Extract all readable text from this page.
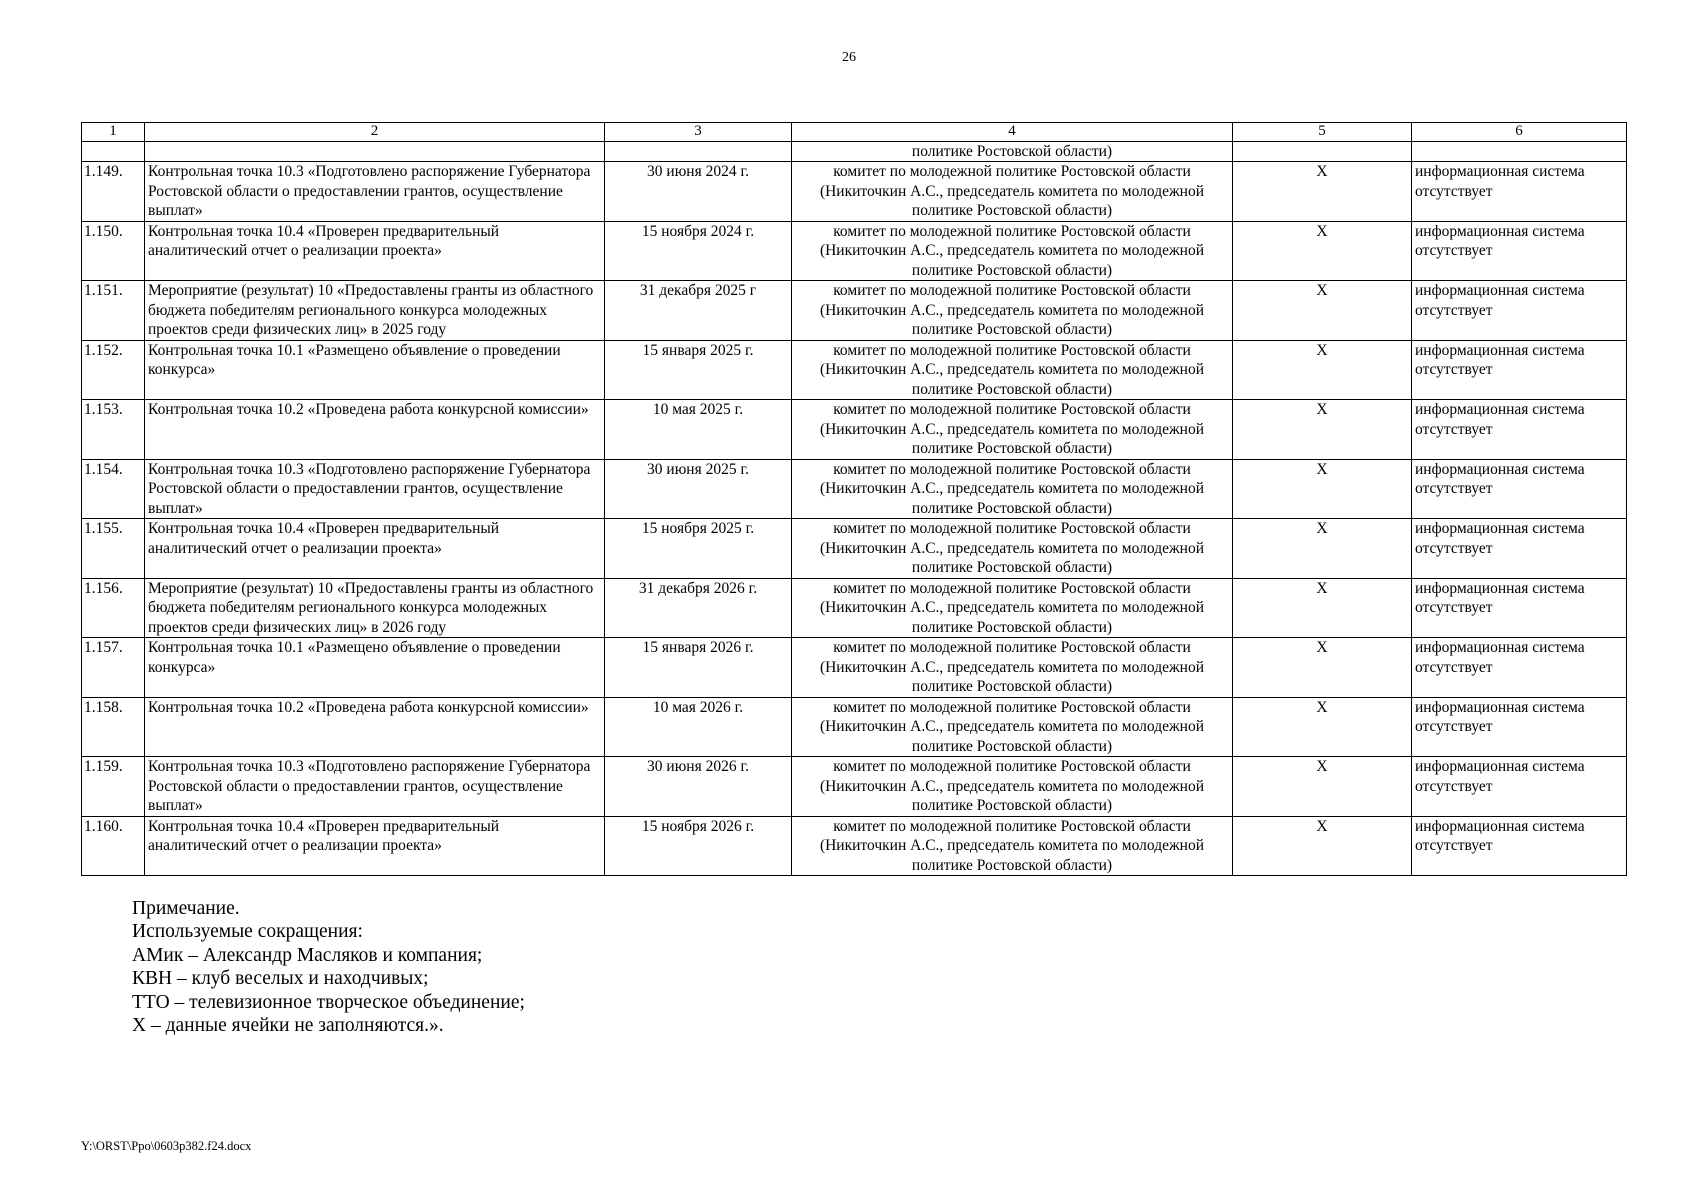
26
1	2	3	4	5	6
			политике Ростовской области)		
1.149.	Контрольная точка 10.3 «Подготовлено распоряжение Губернатора Ростовской области о предоставлении грантов, осуществление выплат»	30 июня 2024 г.	комитет по молодежной политике Ростовской области (Никиточкин А.С., председатель комитета по молодежной политике Ростовской области)	X	информационная система отсутствует
1.150.	Контрольная точка 10.4 «Проверен предварительный аналитический отчет о реализации проекта»	15 ноября 2024 г.	комитет по молодежной политике Ростовской области (Никиточкин А.С., председатель комитета по молодежной политике Ростовской области)	X	информационная система отсутствует
1.151.	Мероприятие (результат) 10 «Предоставлены гранты из областного бюджета победителям регионального конкурса молодежных проектов среди физических лиц» в 2025 году	31 декабря 2025 г	комитет по молодежной политике Ростовской области (Никиточкин А.С., председатель комитета по молодежной политике Ростовской области)	X	информационная система отсутствует
1.152.	Контрольная точка 10.1 «Размещено объявление о проведении конкурса»	15 января 2025 г.	комитет по молодежной политике Ростовской области (Никиточкин А.С., председатель комитета по молодежной политике Ростовской области)	X	информационная система отсутствует
1.153.	Контрольная точка 10.2 «Проведена работа конкурсной комиссии»	10 мая 2025 г.	комитет по молодежной политике Ростовской области (Никиточкин А.С., председатель комитета по молодежной политике Ростовской области)	X	информационная система отсутствует
1.154.	Контрольная точка 10.3 «Подготовлено распоряжение Губернатора Ростовской области о предоставлении грантов, осуществление выплат»	30 июня 2025 г.	комитет по молодежной политике Ростовской области (Никиточкин А.С., председатель комитета по молодежной политике Ростовской области)	X	информационная система отсутствует
1.155.	Контрольная точка 10.4 «Проверен предварительный аналитический отчет о реализации проекта»	15 ноября 2025 г.	комитет по молодежной политике Ростовской области (Никиточкин А.С., председатель комитета по молодежной политике Ростовской области)	X	информационная система отсутствует
1.156.	Мероприятие (результат) 10 «Предоставлены гранты из областного бюджета победителям регионального конкурса молодежных проектов среди физических лиц» в 2026 году	31 декабря 2026 г.	комитет по молодежной политике Ростовской области (Никиточкин А.С., председатель комитета по молодежной политике Ростовской области)	X	информационная система отсутствует
1.157.	Контрольная точка 10.1 «Размещено объявление о проведении конкурса»	15 января 2026 г.	комитет по молодежной политике Ростовской области (Никиточкин А.С., председатель комитета по молодежной политике Ростовской области)	X	информационная система отсутствует
1.158.	Контрольная точка 10.2 «Проведена работа конкурсной комиссии»	10 мая 2026 г.	комитет по молодежной политике Ростовской области (Никиточкин А.С., председатель комитета по молодежной политике Ростовской области)	X	информационная система отсутствует
1.159.	Контрольная точка 10.3 «Подготовлено распоряжение Губернатора Ростовской области о предоставлении грантов, осуществление выплат»	30 июня 2026 г.	комитет по молодежной политике Ростовской области (Никиточкин А.С., председатель комитета по молодежной политике Ростовской области)	X	информационная система отсутствует
1.160.	Контрольная точка 10.4 «Проверен предварительный аналитический отчет о реализации проекта»	15 ноября 2026 г.	комитет по молодежной политике Ростовской области (Никиточкин А.С., председатель комитета по молодежной политике Ростовской области)	X	информационная система отсутствует
Примечание.
Используемые сокращения:
АМик – Александр Масляков и компания;
КВН – клуб веселых и находчивых;
ТТО – телевизионное творческое объединение;
X – данные ячейки не заполняются.».
Y:\ORST\Ppo\0603p382.f24.docx
